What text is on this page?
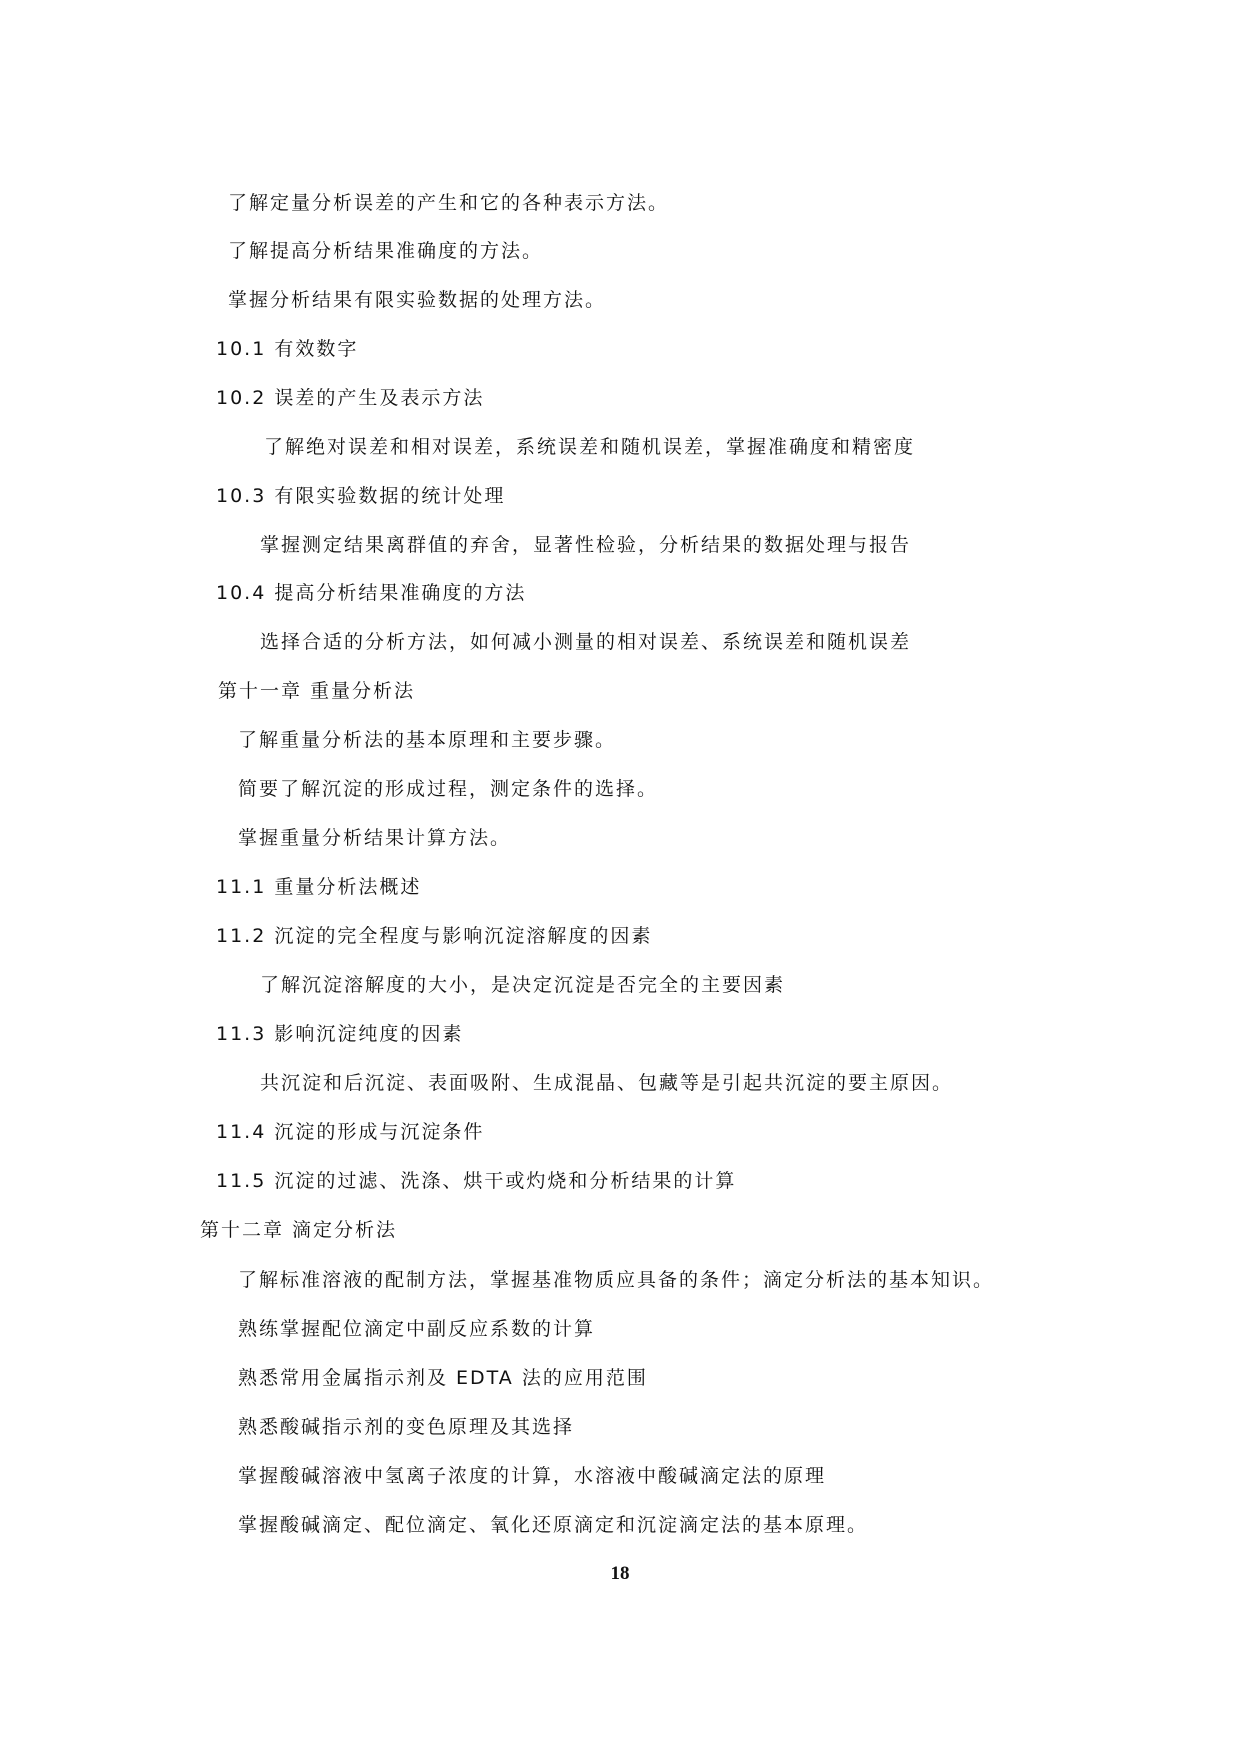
了解定量分析误差的产生和它的各种表示方法。
了解提高分析结果准确度的方法。
掌握分析结果有限实验数据的处理方法。
10.1 有效数字
10.2 误差的产生及表示方法
了解绝对误差和相对误差，系统误差和随机误差，掌握准确度和精密度
10.3 有限实验数据的统计处理
掌握测定结果离群值的弃舍，显著性检验，分析结果的数据处理与报告
10.4 提高分析结果准确度的方法
选择合适的分析方法，如何减小测量的相对误差、系统误差和随机误差
第十一章 重量分析法
了解重量分析法的基本原理和主要步骤。
简要了解沉淀的形成过程，测定条件的选择。
掌握重量分析结果计算方法。
11.1 重量分析法概述
11.2 沉淀的完全程度与影响沉淀溶解度的因素
了解沉淀溶解度的大小，是决定沉淀是否完全的主要因素
11.3 影响沉淀纯度的因素
共沉淀和后沉淀、表面吸附、生成混晶、包藏等是引起共沉淀的要主原因。
11.4 沉淀的形成与沉淀条件
11.5 沉淀的过滤、洗涤、烘干或灼烧和分析结果的计算
第十二章 滴定分析法
了解标准溶液的配制方法，掌握基准物质应具备的条件；滴定分析法的基本知识。
熟练掌握配位滴定中副反应系数的计算
熟悉常用金属指示剂及 EDTA 法的应用范围
熟悉酸碱指示剂的变色原理及其选择
掌握酸碱溶液中氢离子浓度的计算，水溶液中酸碱滴定法的原理
掌握酸碱滴定、配位滴定、氧化还原滴定和沉淀滴定法的基本原理。
18
